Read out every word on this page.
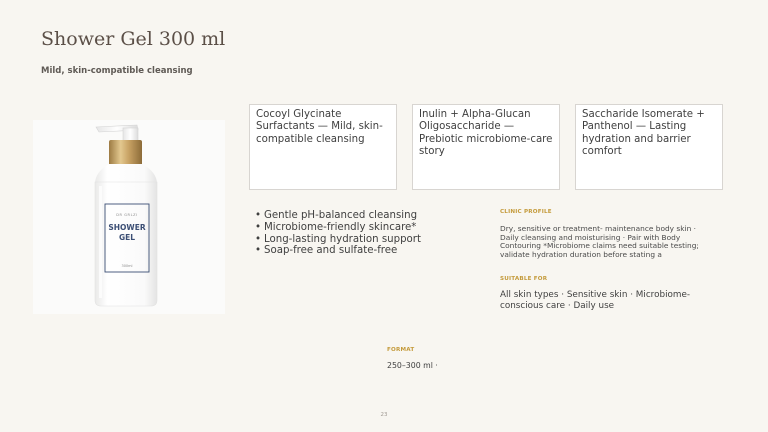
Shower Gel 300 ml

Mild, skin-compatible cleansing

DR GRLZI
SHOWER
GEL
300ml
Cocoyl Glycinate Surfactants — Mild, skin-compatible cleansing
Inulin + Alpha-Glucan Oligosaccharide — Prebiotic microbiome-care story
Saccharide Isomerate + Panthenol — Lasting hydration and barrier comfort
• Gentle pH-balanced cleansing
• Microbiome-friendly skincare*
• Long-lasting hydration support
• Soap-free and sulfate-free

CLINIC PROFILE

Dry, sensitive or treatment- maintenance body skin · Daily cleansing and moisturising · Pair with Body Contouring *Microbiome claims need suitable testing; validate hydration duration before stating a

SUITABLE FOR

All skin types · Sensitive skin · Microbiome-conscious care · Daily use

FORMAT

250–300 ml ·

23
